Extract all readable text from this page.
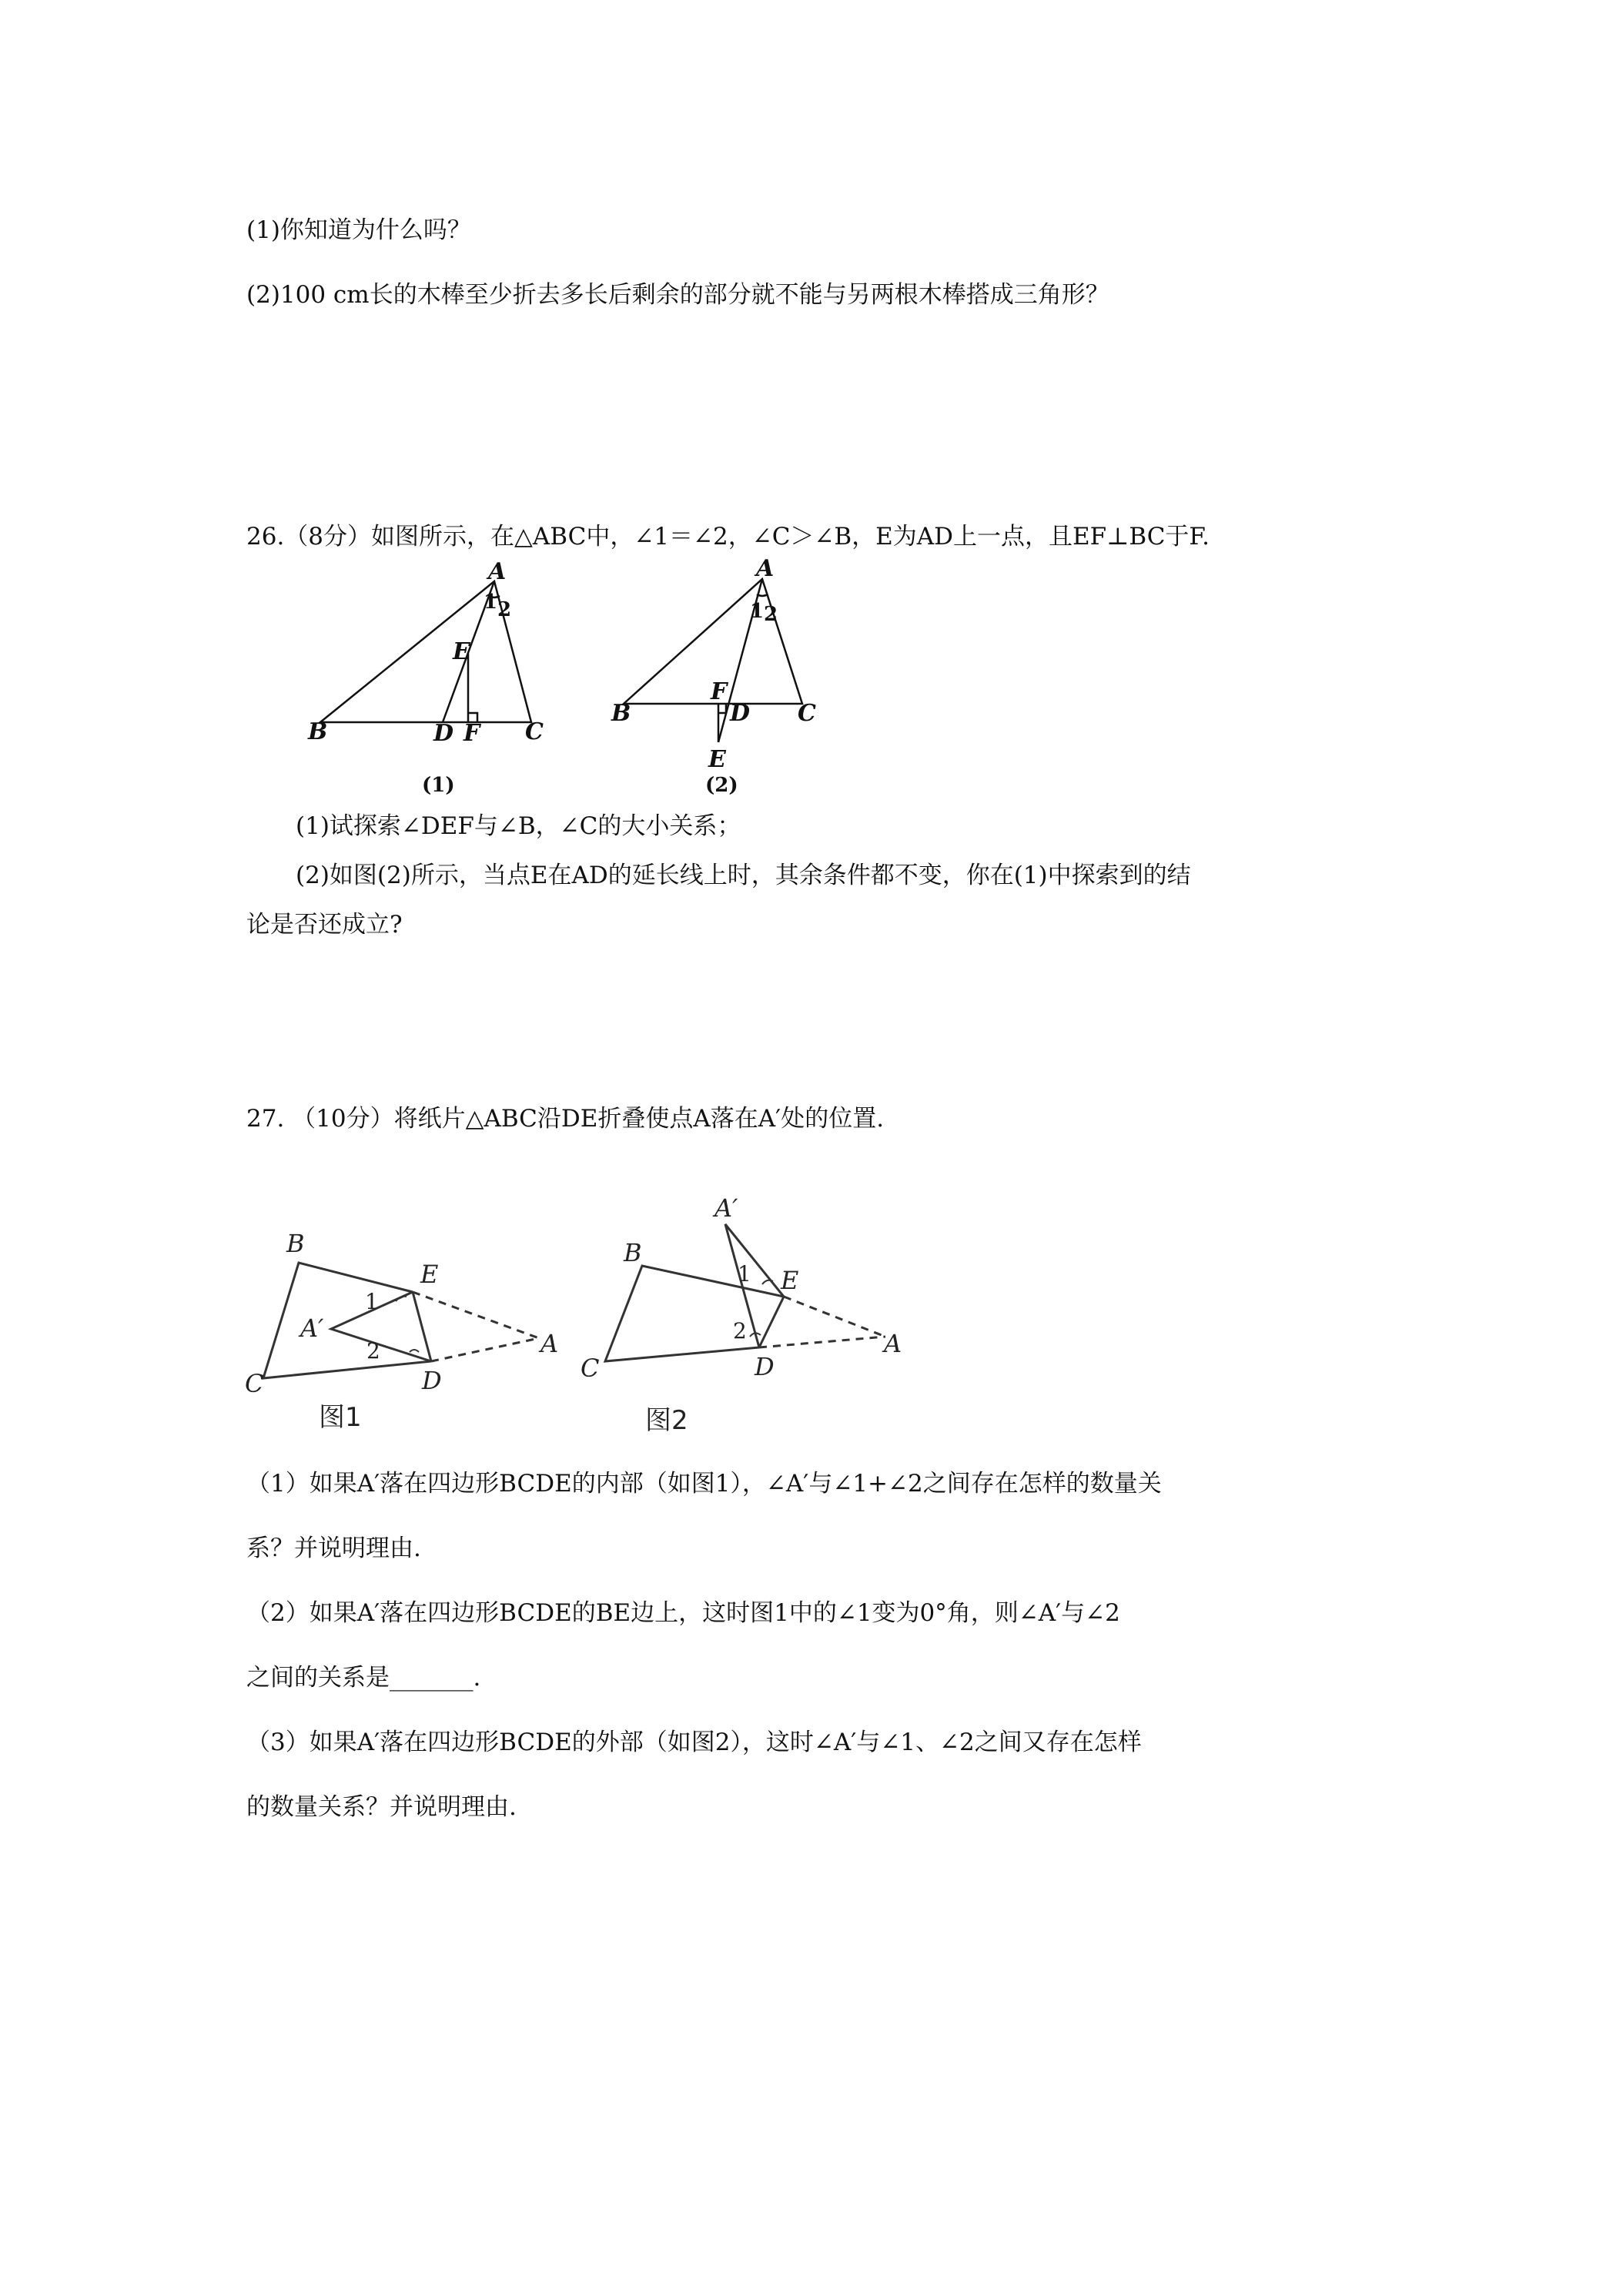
(1)你知道为什么吗？

(2)100 cm长的木棒至少折去多长后剩余的部分就不能与另两根木棒搭成三角形？

26.（8分）如图所示，在△ABC中，∠1＝∠2，∠C＞∠B，E为AD上一点，且EF⊥BC于F.

A
1 2
E
B	D F C
(1)
A
1 2
F
B	D C
E
(2)

(1)试探索∠DEF与∠B，∠C的大小关系；

(2)如图(2)所示，当点E在AD的延长线上时，其余条件都不变，你在(1)中探索到的结

论是否还成立?

27. （10分）将纸片△ABC沿DE折叠使点A落在A′处的位置.

B
E
1
A′
2	A
C	D
图1
A′
B
1 E
2	A
C	D
图2

（1）如果A′落在四边形BCDE的内部（如图1），∠A′与∠1+∠2之间存在怎样的数量关

系？并说明理由.

（2）如果A′落在四边形BCDE的BE边上，这时图1中的∠1变为0°角，则∠A′与∠2

之间的关系是_______.

（3）如果A′落在四边形BCDE的外部（如图2），这时∠A′与∠1、∠2之间又存在怎样

的数量关系？并说明理由.
